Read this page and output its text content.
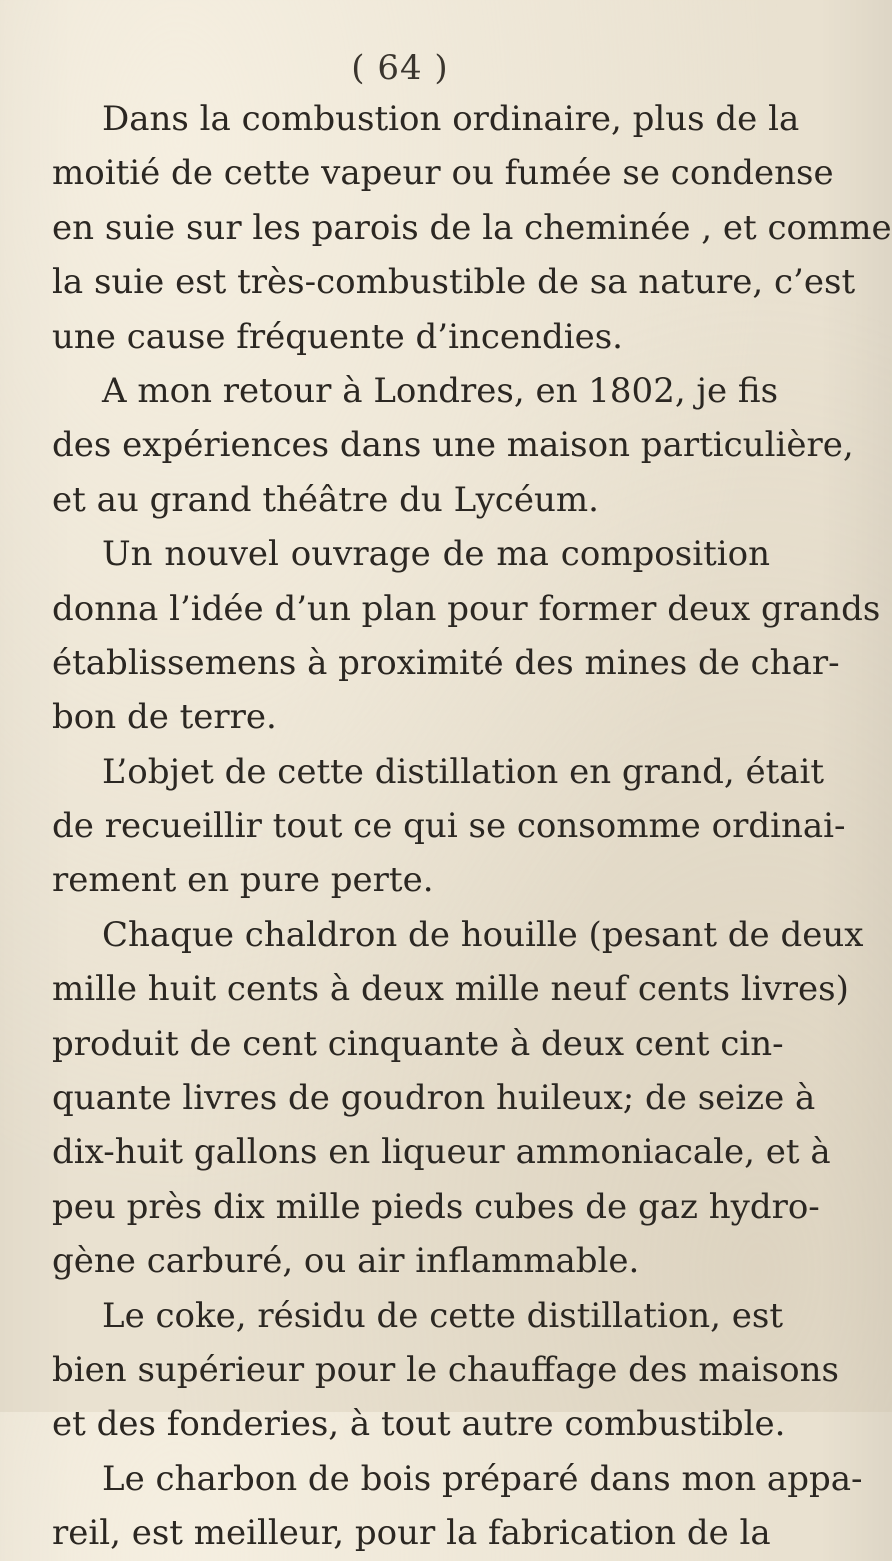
( 64 )
Dans la combustion ordinaire, plus de la
moitié de cette vapeur ou fumée se condense
en suie sur les parois de la cheminée , et comme
la suie est très-combustible de sa nature, c’est
une cause fréquente d’incendies.
A mon retour à Londres, en 1802, je fis
des expériences dans une maison particulière,
et au grand théâtre du Lycéum.
Un nouvel ouvrage de ma composition
donna l’idée d’un plan pour former deux grands
établissemens à proximité des mines de char-
bon de terre.
L’objet de cette distillation en grand, était
de recueillir tout ce qui se consomme ordinai-
rement en pure perte.
Chaque chaldron de houille (pesant de deux
mille huit cents à deux mille neuf cents livres)
produit de cent cinquante à deux cent cin-
quante livres de goudron huileux; de seize à
dix-huit gallons en liqueur ammoniacale, et à
peu près dix mille pieds cubes de gaz hydro-
gène carburé, ou air inflammable.
Le coke, résidu de cette distillation, est
bien supérieur pour le chauffage des maisons
et des fonderies, à tout autre combustible.
Le charbon de bois préparé dans mon appa-
reil, est meilleur, pour la fabrication de la
